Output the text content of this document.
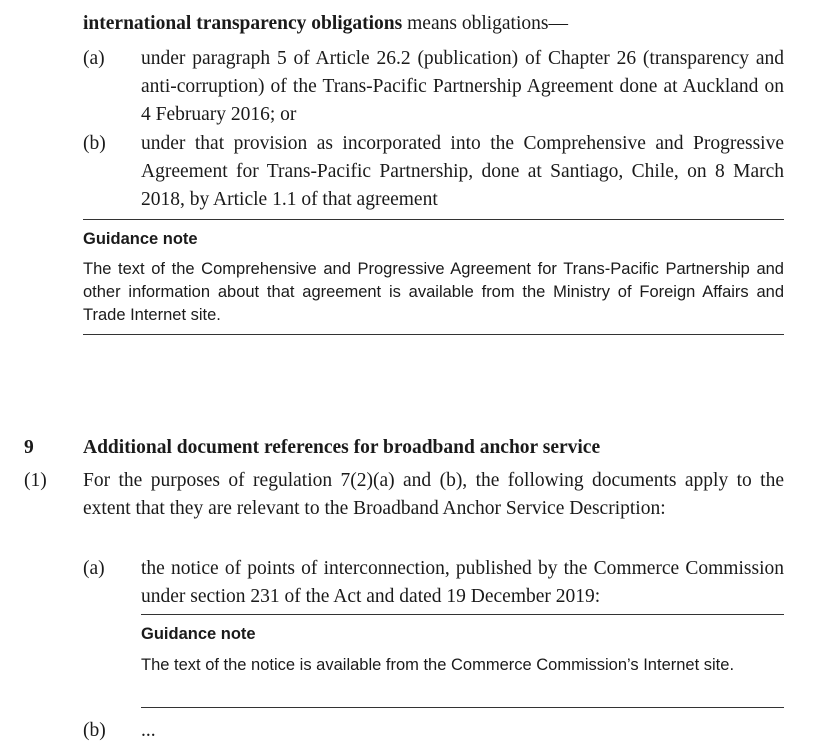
international transparency obligations means obligations—
(a) under paragraph 5 of Article 26.2 (publication) of Chapter 26 (transparency and anti-corruption) of the Trans-Pacific Partnership Agreement done at Auckland on 4 February 2016; or
(b) under that provision as incorporated into the Comprehensive and Progressive Agreement for Trans-Pacific Partnership, done at Santiago, Chile, on 8 March 2018, by Article 1.1 of that agreement
Guidance note
The text of the Comprehensive and Progressive Agreement for Trans-Pacific Partnership and other information about that agreement is available from the Ministry of Foreign Affairs and Trade Internet site.
9	Additional document references for broadband anchor service
(1) For the purposes of regulation 7(2)(a) and (b), the following documents apply to the extent that they are relevant to the Broadband Anchor Service Description:
(a) the notice of points of interconnection, published by the Commerce Commission under section 231 of the Act and dated 19 December 2019:
Guidance note
The text of the notice is available from the Commerce Commission’s Internet site.
(b) ...
